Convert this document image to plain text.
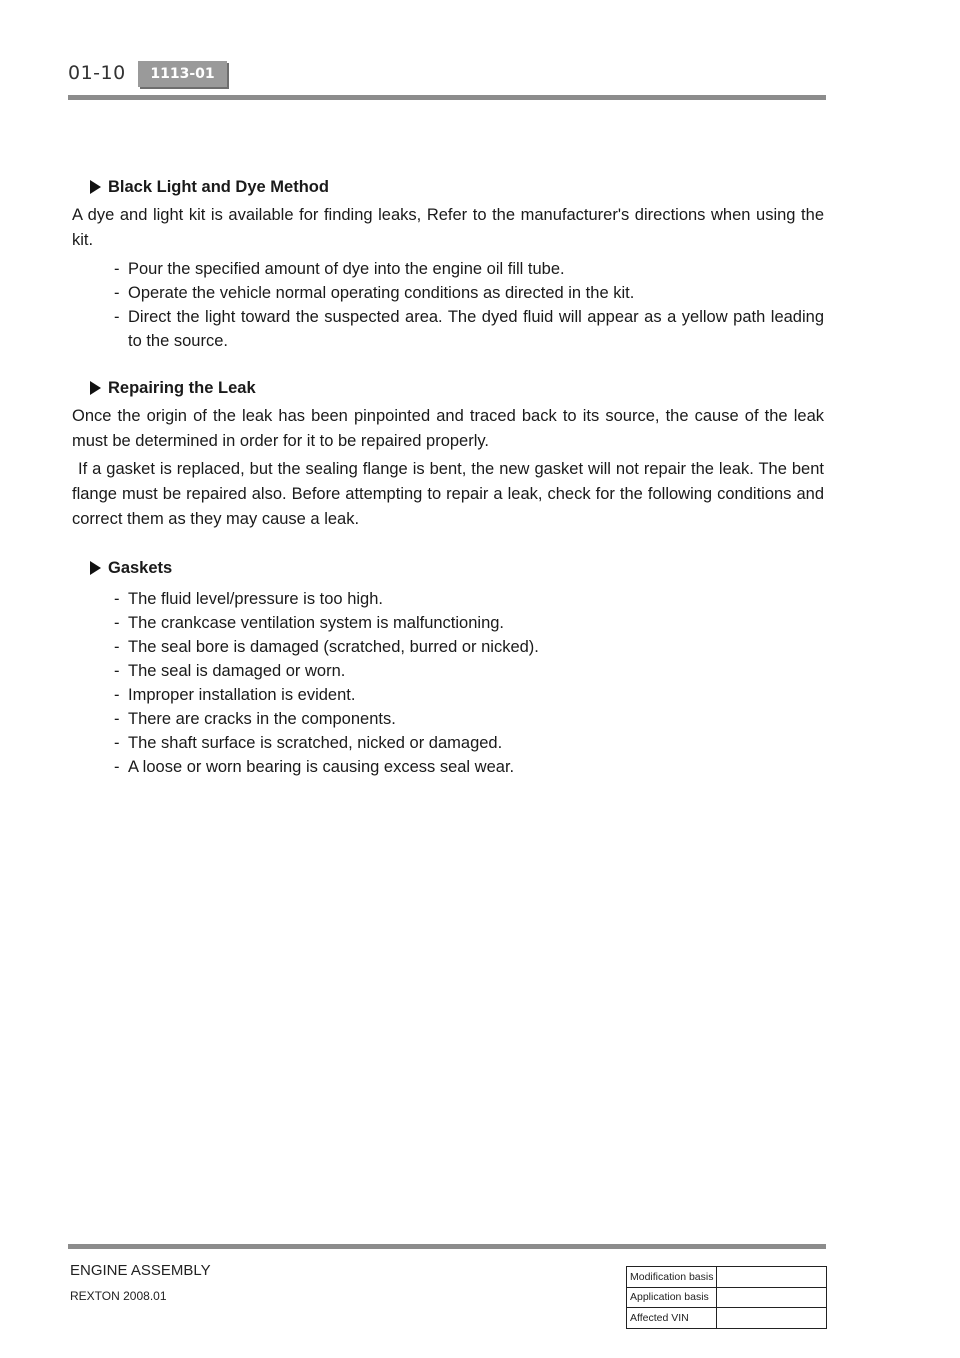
01-10	1113-01
Black Light and Dye Method

A dye and light kit is available for finding leaks, Refer to the manufacturer's directions when using the kit.

- Pour the specified amount of dye into the engine oil fill tube.
- Operate the vehicle normal operating conditions as directed in the kit.
- Direct the light toward the suspected area. The dyed fluid will appear as a yellow path leading to the source.
Repairing the Leak

Once the origin of the leak has been pinpointed and traced back to its source, the cause of the leak must be determined in order for it to be repaired properly.

If a gasket is replaced, but the sealing flange is bent, the new gasket will not repair the leak. The bent flange must be repaired also. Before attempting to repair a leak, check for the following conditions and correct them as they may cause a leak.

Gaskets
- The fluid level/pressure is too high.
- The crankcase ventilation system is malfunctioning.
- The seal bore is damaged (scratched, burred or nicked).
- The seal is damaged or worn.
- Improper installation is evident.
- There are cracks in the components.
- The shaft surface is scratched, nicked or damaged.
- A loose or worn bearing is causing excess seal wear.
ENGINE ASSEMBLY
REXTON 2008.01
Modification basis	
Application basis	
Affected VIN	
